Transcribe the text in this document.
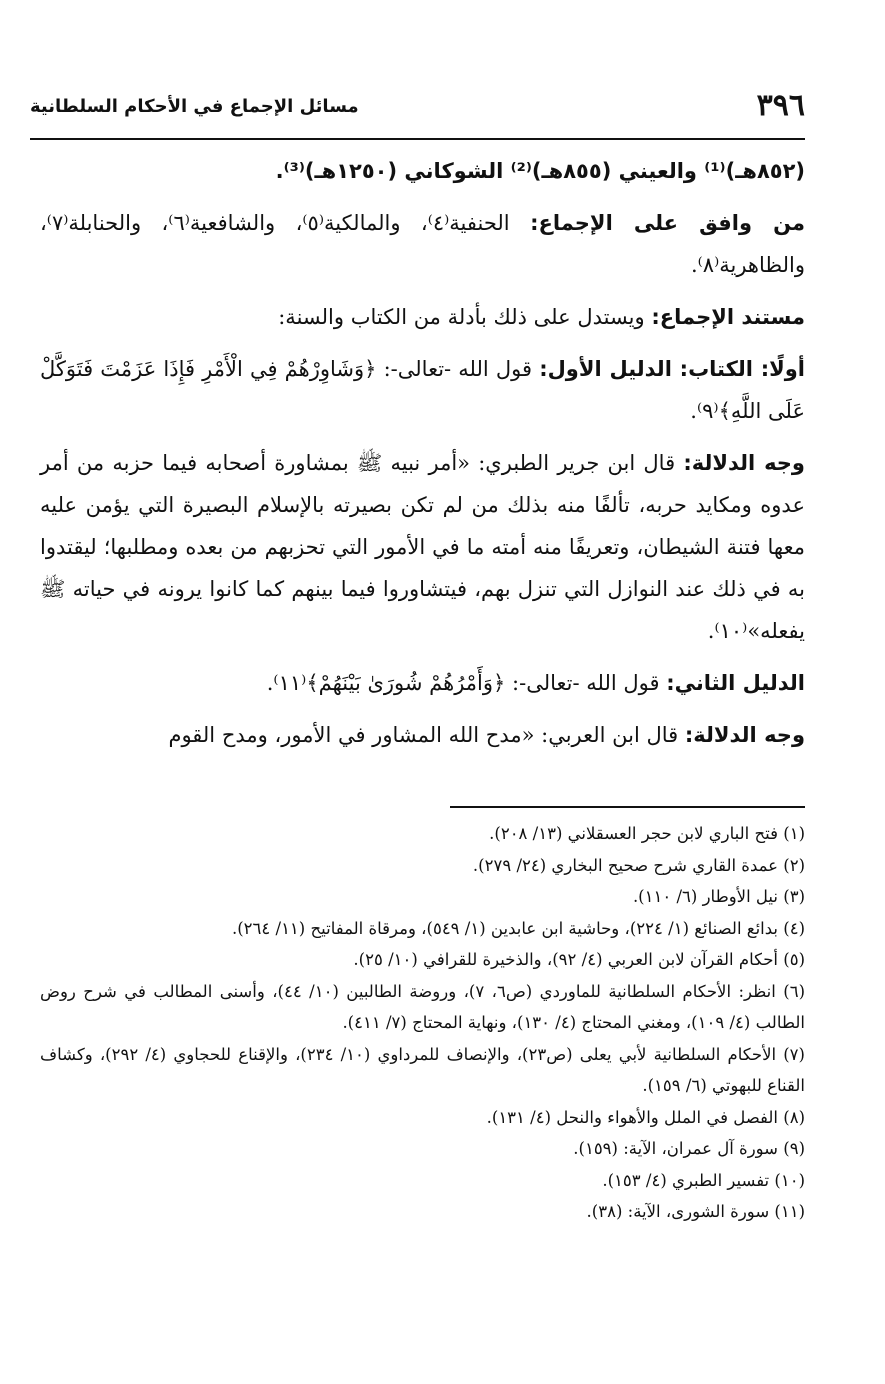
٣٩٦
مسائل الإجماع في الأحكام السلطانية

(٨٥٢هـ)⁽¹⁾ والعيني (٨٥٥هـ)⁽²⁾ الشوكاني (١٢٥٠هـ)⁽³⁾.

من وافق على الإجماع: الحنفية⁽٤⁾، والمالكية⁽٥⁾، والشافعية⁽٦⁾، والحنابلة⁽٧⁾، والظاهرية⁽٨⁾.

مستند الإجماع: ويستدل على ذلك بأدلة من الكتاب والسنة:

أولًا: الكتاب: الدليل الأول: قول الله -تعالى-: ﴿وَشَاوِرْهُمْ فِي الْأَمْرِ فَإِذَا عَزَمْتَ فَتَوَكَّلْ عَلَى اللَّهِ﴾⁽٩⁾.

وجه الدلالة: قال ابن جرير الطبري: «أمر نبيه ﷺ بمشاورة أصحابه فيما حزبه من أمر عدوه ومكايد حربه، تألفًا منه بذلك من لم تكن بصيرته بالإسلام البصيرة التي يؤمن عليه معها فتنة الشيطان، وتعريفًا منه أمته ما في الأمور التي تحزبهم من بعده ومطلبها؛ ليقتدوا به في ذلك عند النوازل التي تنزل بهم، فيتشاوروا فيما بينهم كما كانوا يرونه في حياته ﷺ يفعله»⁽١٠⁾.

الدليل الثاني: قول الله -تعالى-: ﴿وَأَمْرُهُمْ شُورَىٰ بَيْنَهُمْ﴾⁽١١⁾.

وجه الدلالة: قال ابن العربي: «مدح الله المشاور في الأمور، ومدح القوم

(١) فتح الباري لابن حجر العسقلاني (١٣/ ٢٠٨).

(٢) عمدة القاري شرح صحيح البخاري (٢٤/ ٢٧٩).

(٣) نيل الأوطار (٦/ ١١٠).

(٤) بدائع الصنائع (١/ ٢٢٤)، وحاشية ابن عابدين (١/ ٥٤٩)، ومرقاة المفاتيح (١١/ ٢٦٤).

(٥) أحكام القرآن لابن العربي (٤/ ٩٢)، والذخيرة للقرافي (١٠/ ٢٥).

(٦) انظر: الأحكام السلطانية للماوردي (ص٦، ٧)، وروضة الطالبين (١٠/ ٤٤)، وأسنى المطالب في شرح روض الطالب (٤/ ١٠٩)، ومغني المحتاج (٤/ ١٣٠)، ونهاية المحتاج (٧/ ٤١١).

(٧) الأحكام السلطانية لأبي يعلى (ص٢٣)، والإنصاف للمرداوي (١٠/ ٢٣٤)، والإقناع للحجاوي (٤/ ٢٩٢)، وكشاف القناع للبهوتي (٦/ ١٥٩).

(٨) الفصل في الملل والأهواء والنحل (٤/ ١٣١).

(٩) سورة آل عمران، الآية: (١٥٩).

(١٠) تفسير الطبري (٤/ ١٥٣).

(١١) سورة الشورى، الآية: (٣٨).
